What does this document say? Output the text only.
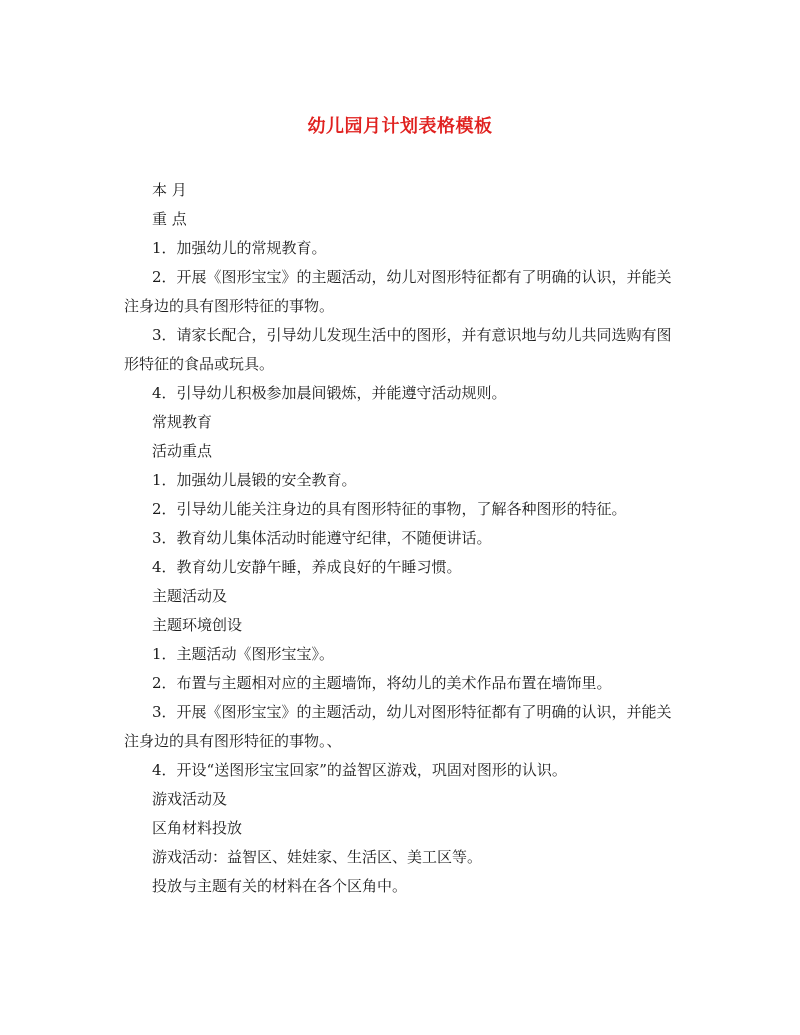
幼儿园月计划表格模板

本 月

重 点

1．加强幼儿的常规教育。

2．开展《图形宝宝》的主题活动，幼儿对图形特征都有了明确的认识，并能关注身边的具有图形特征的事物。

3．请家长配合，引导幼儿发现生活中的图形，并有意识地与幼儿共同选购有图形特征的食品或玩具。

4．引导幼儿积极参加晨间锻炼，并能遵守活动规则。

常规教育

活动重点

1．加强幼儿晨锻的安全教育。

2．引导幼儿能关注身边的具有图形特征的事物，了解各种图形的特征。

3．教育幼儿集体活动时能遵守纪律，不随便讲话。

4．教育幼儿安静午睡，养成良好的午睡习惯。

主题活动及

主题环境创设

1．主题活动《图形宝宝》。

2．布置与主题相对应的主题墙饰，将幼儿的美术作品布置在墙饰里。

3．开展《图形宝宝》的主题活动，幼儿对图形特征都有了明确的认识，并能关注身边的具有图形特征的事物。、

4．开设“送图形宝宝回家”的益智区游戏，巩固对图形的认识。

游戏活动及

区角材料投放

游戏活动：益智区、娃娃家、生活区、美工区等。

投放与主题有关的材料在各个区角中。
